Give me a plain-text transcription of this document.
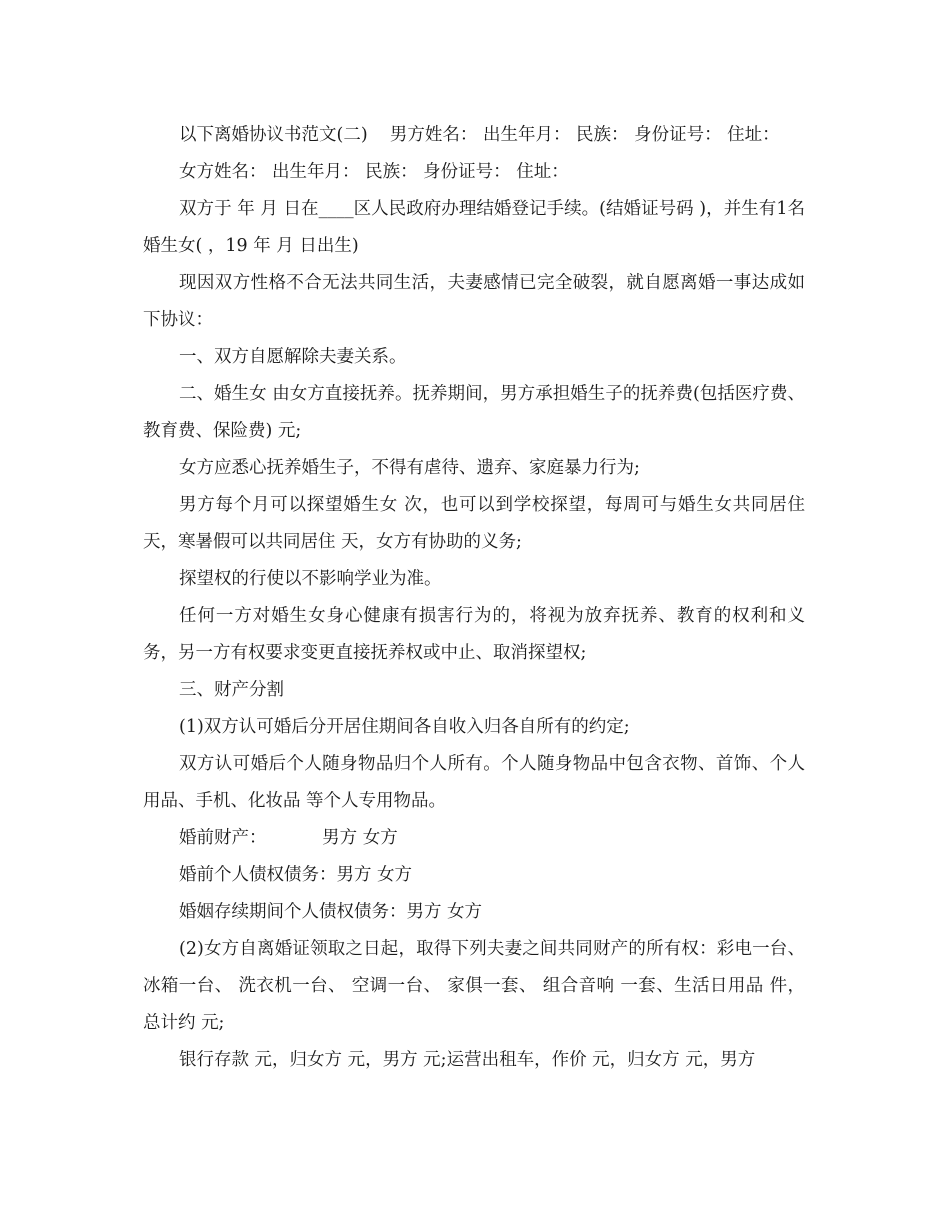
以下离婚协议书范文(二)    男方姓名： 出生年月： 民族： 身份证号： 住址：

女方姓名： 出生年月： 民族： 身份证号： 住址：

双方于 年 月 日在____区人民政府办理结婚登记手续。(结婚证号码 )，并生有1名婚生女( ，19 年 月 日出生)

现因双方性格不合无法共同生活，夫妻感情已完全破裂，就自愿离婚一事达成如下协议：

一、双方自愿解除夫妻关系。

二、婚生女 由女方直接抚养。抚养期间，男方承担婚生子的抚养费(包括医疗费、教育费、保险费) 元;

女方应悉心抚养婚生子，不得有虐待、遗弃、家庭暴力行为;

男方每个月可以探望婚生女 次，也可以到学校探望，每周可与婚生女共同居住 天，寒暑假可以共同居住 天，女方有协助的义务;

探望权的行使以不影响学业为准。

任何一方对婚生女身心健康有损害行为的，将视为放弃抚养、教育的权利和义务，另一方有权要求变更直接抚养权或中止、取消探望权;

三、财产分割

(1)双方认可婚后分开居住期间各自收入归各自所有的约定;

双方认可婚后个人随身物品归个人所有。个人随身物品中包含衣物、首饰、个人用品、手机、化妆品 等个人专用物品。

婚前财产：          男方 女方

婚前个人债权债务：男方 女方

婚姻存续期间个人债权债务：男方 女方

(2)女方自离婚证领取之日起，取得下列夫妻之间共同财产的所有权：彩电一台、 冰箱一台、 洗衣机一台、 空调一台、 家俱一套、 组合音响 一套、生活日用品 件，总计约 元;

银行存款 元，归女方 元，男方 元;运营出租车，作价 元，归女方 元，男方
